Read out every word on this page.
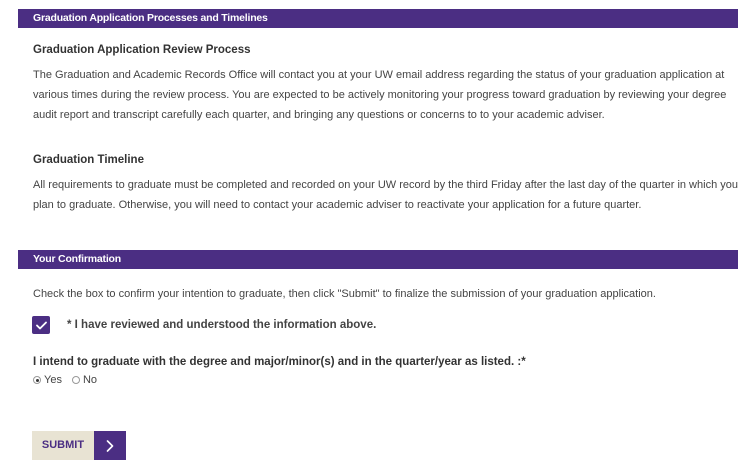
Graduation Application Processes and Timelines
Graduation Application Review Process
The Graduation and Academic Records Office will contact you at your UW email address regarding the status of your graduation application at various times during the review process. You are expected to be actively monitoring your progress toward graduation by reviewing your degree audit report and transcript carefully each quarter, and bringing any questions or concerns to to your academic adviser.
Graduation Timeline
All requirements to graduate must be completed and recorded on your UW record by the third Friday after the last day of the quarter in which you plan to graduate. Otherwise, you will need to contact your academic adviser to reactivate your application for a future quarter.
Your Confirmation
Check the box to confirm your intention to graduate, then click "Submit" to finalize the submission of your graduation application.
* I have reviewed and understood the information above.
I intend to graduate with the degree and major/minor(s) and in the quarter/year as listed. :*
Yes No
SUBMIT
